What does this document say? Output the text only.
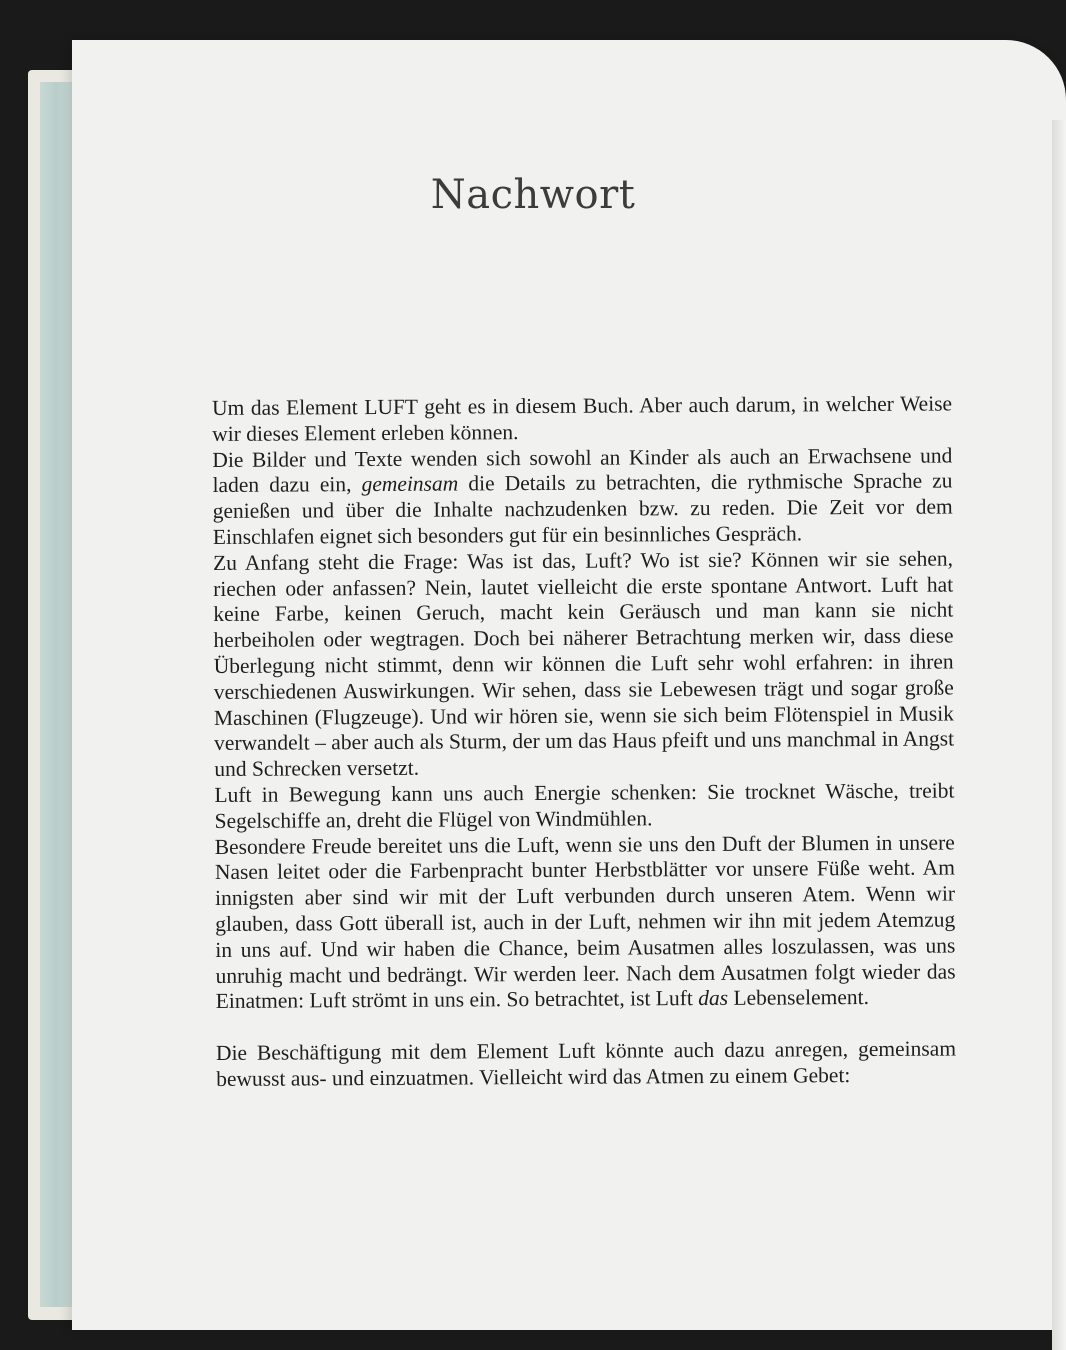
Nachwort

Um das Element LUFT geht es in diesem Buch. Aber auch darum, in welcher Weise wir dieses Element erleben können.

Die Bilder und Texte wenden sich sowohl an Kinder als auch an Erwachsene und laden dazu ein, gemeinsam die Details zu betrachten, die rythmische Sprache zu genießen und über die Inhalte nachzudenken bzw. zu reden. Die Zeit vor dem Einschlafen eignet sich besonders gut für ein besinnliches Gespräch.

Zu Anfang steht die Frage: Was ist das, Luft? Wo ist sie? Können wir sie sehen, riechen oder anfassen? Nein, lautet vielleicht die erste spontane Antwort. Luft hat keine Farbe, keinen Geruch, macht kein Geräusch und man kann sie nicht herbeiholen oder wegtragen. Doch bei näherer Betrachtung merken wir, dass diese Überlegung nicht stimmt, denn wir können die Luft sehr wohl erfahren: in ihren verschiedenen Auswirkungen. Wir sehen, dass sie Lebewesen trägt und sogar große Maschinen (Flugzeuge). Und wir hören sie, wenn sie sich beim Flötenspiel in Musik verwandelt – aber auch als Sturm, der um das Haus pfeift und uns manchmal in Angst und Schrecken versetzt.

Luft in Bewegung kann uns auch Energie schenken: Sie trocknet Wäsche, treibt Segelschiffe an, dreht die Flügel von Windmühlen.

Besondere Freude bereitet uns die Luft, wenn sie uns den Duft der Blumen in unsere Nasen leitet oder die Farbenpracht bunter Herbstblätter vor unsere Füße weht. Am innigsten aber sind wir mit der Luft verbunden durch unseren Atem. Wenn wir glauben, dass Gott überall ist, auch in der Luft, nehmen wir ihn mit jedem Atemzug in uns auf. Und wir haben die Chance, beim Ausatmen alles loszulassen, was uns unruhig macht und bedrängt. Wir werden leer. Nach dem Ausatmen folgt wieder das Einatmen: Luft strömt in uns ein. So betrachtet, ist Luft das Lebenselement.

Die Beschäftigung mit dem Element Luft könnte auch dazu anregen, gemeinsam bewusst aus- und einzuatmen. Vielleicht wird das Atmen zu einem Gebet:
